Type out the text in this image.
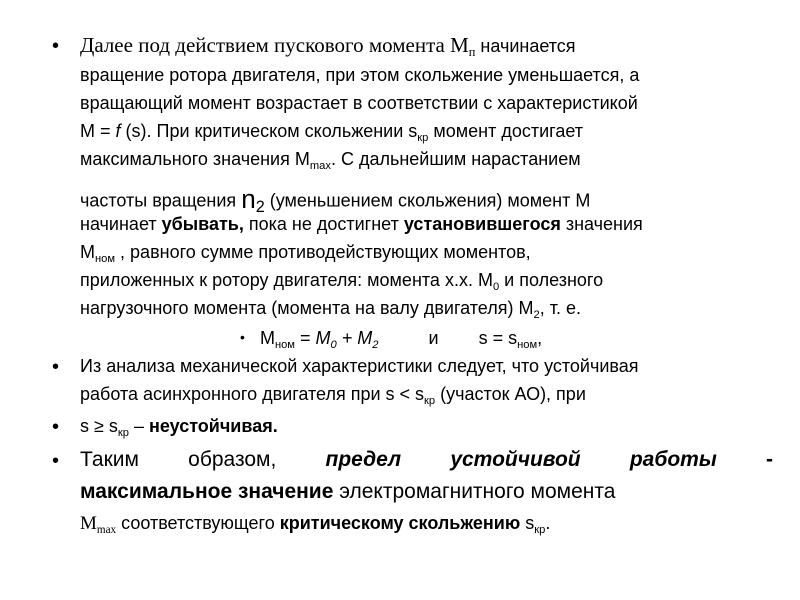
• Далее под действием пускового момента Мп начинается
вращение ротора двигателя, при этом скольжение уменьшается, а
вращающий момент возрастает в соответствии с характеристикой
М = f (s). При критическом скольжении sкр момент достигает
максимального значения Мmax. С дальнейшим нарастанием
частоты вращения n2 (уменьшением скольжения) момент М
начинает убывать, пока не достигнет установившегося значения
Мном , равного сумме противодействующих моментов,
приложенных к ротору двигателя: момента х.х. М0 и полезного
нагрузочного момента (момента на валу двигателя) М2, т. е.
• Мном = М0 + М2	и s = sном,
• Из анализа механической характеристики следует, что устойчивая
работа асинхронного двигателя при s < sкр (участок АО), при
• s ≥ sкр – неустойчивая.
• Таким образом, предел устойчивой работы -
максимальное значение электромагнитного момента
Мmax соответствующего критическому скольжению sкр.
